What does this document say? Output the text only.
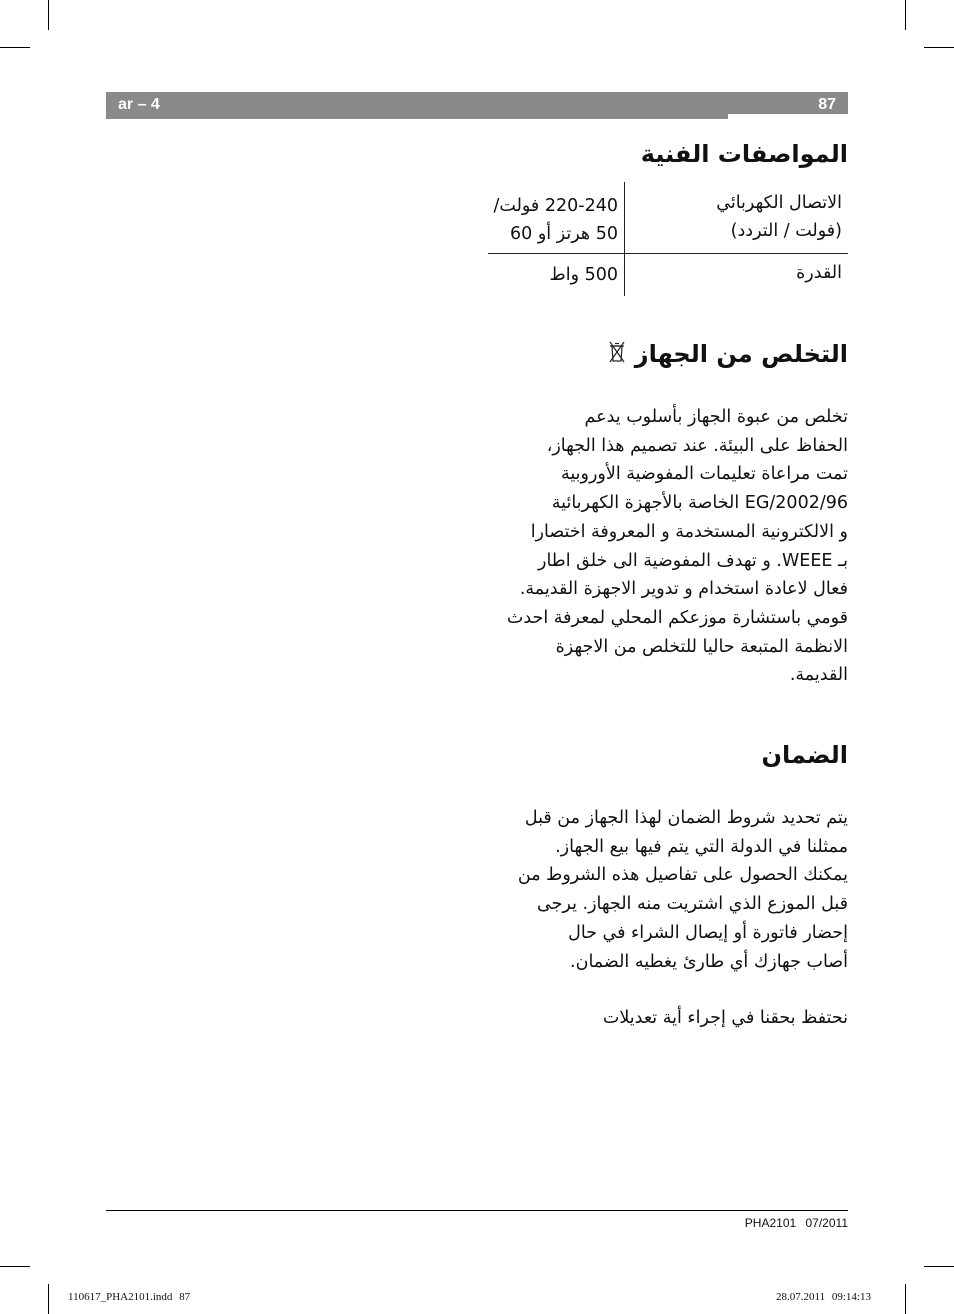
ar – 4	87
المواصفات الفنية
الاتصال الكهربائي
(فولت / التردد)
220-240 فولت/
50 هرتز أو 60
القدرة
500 واط
التخلص من الجهاز
تخلص من عبوة الجهاز بأسلوب يدعم
الحفاظ على البيئة. عند تصميم هذا الجهاز،
تمت مراعاة تعليمات المفوضية الأوروبية
2002/96/EG الخاصة بالأجهزة الكهربائية
و الالكترونية المستخدمة و المعروفة اختصارا
بـ WEEE. و تهدف المفوضية الى خلق اطار
فعال لاعادة استخدام و تدوير الاجهزة القديمة.
قومي باستشارة موزعكم المحلي لمعرفة احدث
الانظمة المتبعة حاليا للتخلص من الاجهزة
القديمة.
الضمان
يتم تحديد شروط الضمان لهذا الجهاز من قبل
ممثلنا في الدولة التي يتم فيها بيع الجهاز.
يمكنك الحصول على تفاصيل هذه الشروط من
قبل الموزع الذي اشتريت منه الجهاز. يرجى
إحضار فاتورة أو إيصال الشراء في حال
أصاب جهازك أي طارئ يغطيه الضمان.
نحتفظ بحقنا في إجراء أية تعديلات
PHA2101 07/2011
110617_PHA2101.indd 87	28.07.2011 09:14:13
